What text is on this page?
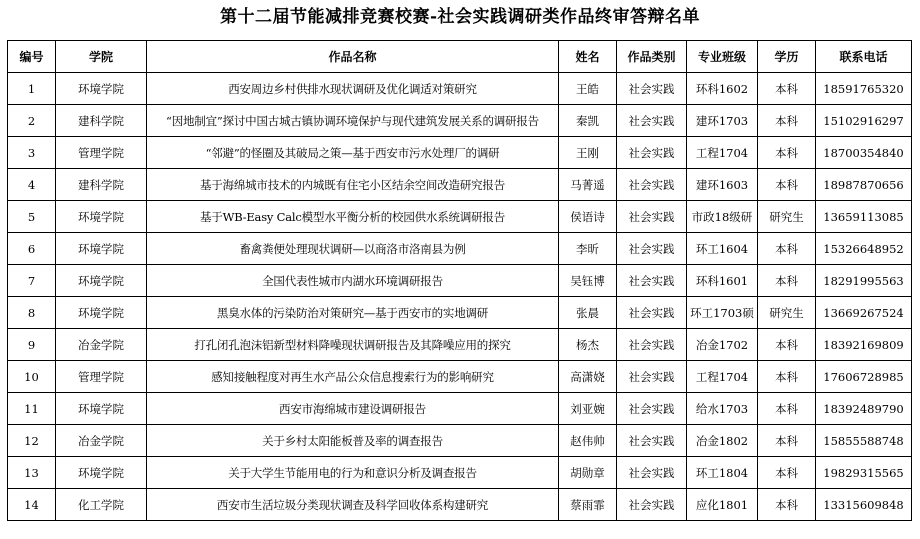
第十二届节能减排竞赛校赛-社会实践调研类作品终审答辩名单
编号	学院	作品名称	姓名	作品类别	专业班级	学历	联系电话
1	环境学院	西安周边乡村供排水现状调研及优化调适对策研究	王皓	社会实践	环科1602	本科	18591765320
2	建科学院	“因地制宜”探讨中国古城古镇协调环境保护与现代建筑发展关系的调研报告	秦凯	社会实践	建环1703	本科	15102916297
3	管理学院	“邻避”的怪圈及其破局之策—基于西安市污水处理厂的调研	王刚	社会实践	工程1704	本科	18700354840
4	建科学院	基于海绵城市技术的内城既有住宅小区结余空间改造研究报告	马菁遥	社会实践	建环1603	本科	18987870656
5	环境学院	基于WB-Easy Calc模型水平衡分析的校园供水系统调研报告	侯语诗	社会实践	市政18级研	研究生	13659113085
6	环境学院	畜禽粪便处理现状调研—以商洛市洛南县为例	李昕	社会实践	环工1604	本科	15326648952
7	环境学院	全国代表性城市内湖水环境调研报告	吴钰博	社会实践	环科1601	本科	18291995563
8	环境学院	黑臭水体的污染防治对策研究—基于西安市的实地调研	张晨	社会实践	环工1703硕	研究生	13669267524
9	冶金学院	打孔闭孔泡沫铝新型材料降噪现状调研报告及其降噪应用的探究	杨杰	社会实践	冶金1702	本科	18392169809
10	管理学院	感知接触程度对再生水产品公众信息搜索行为的影响研究	高潇娆	社会实践	工程1704	本科	17606728985
11	环境学院	西安市海绵城市建设调研报告	刘亚婉	社会实践	给水1703	本科	18392489790
12	冶金学院	关于乡村太阳能板普及率的调查报告	赵伟帅	社会实践	冶金1802	本科	15855588748
13	环境学院	关于大学生节能用电的行为和意识分析及调查报告	胡勋章	社会实践	环工1804	本科	19829315565
14	化工学院	西安市生活垃圾分类现状调查及科学回收体系构建研究	蔡雨霏	社会实践	应化1801	本科	13315609848
